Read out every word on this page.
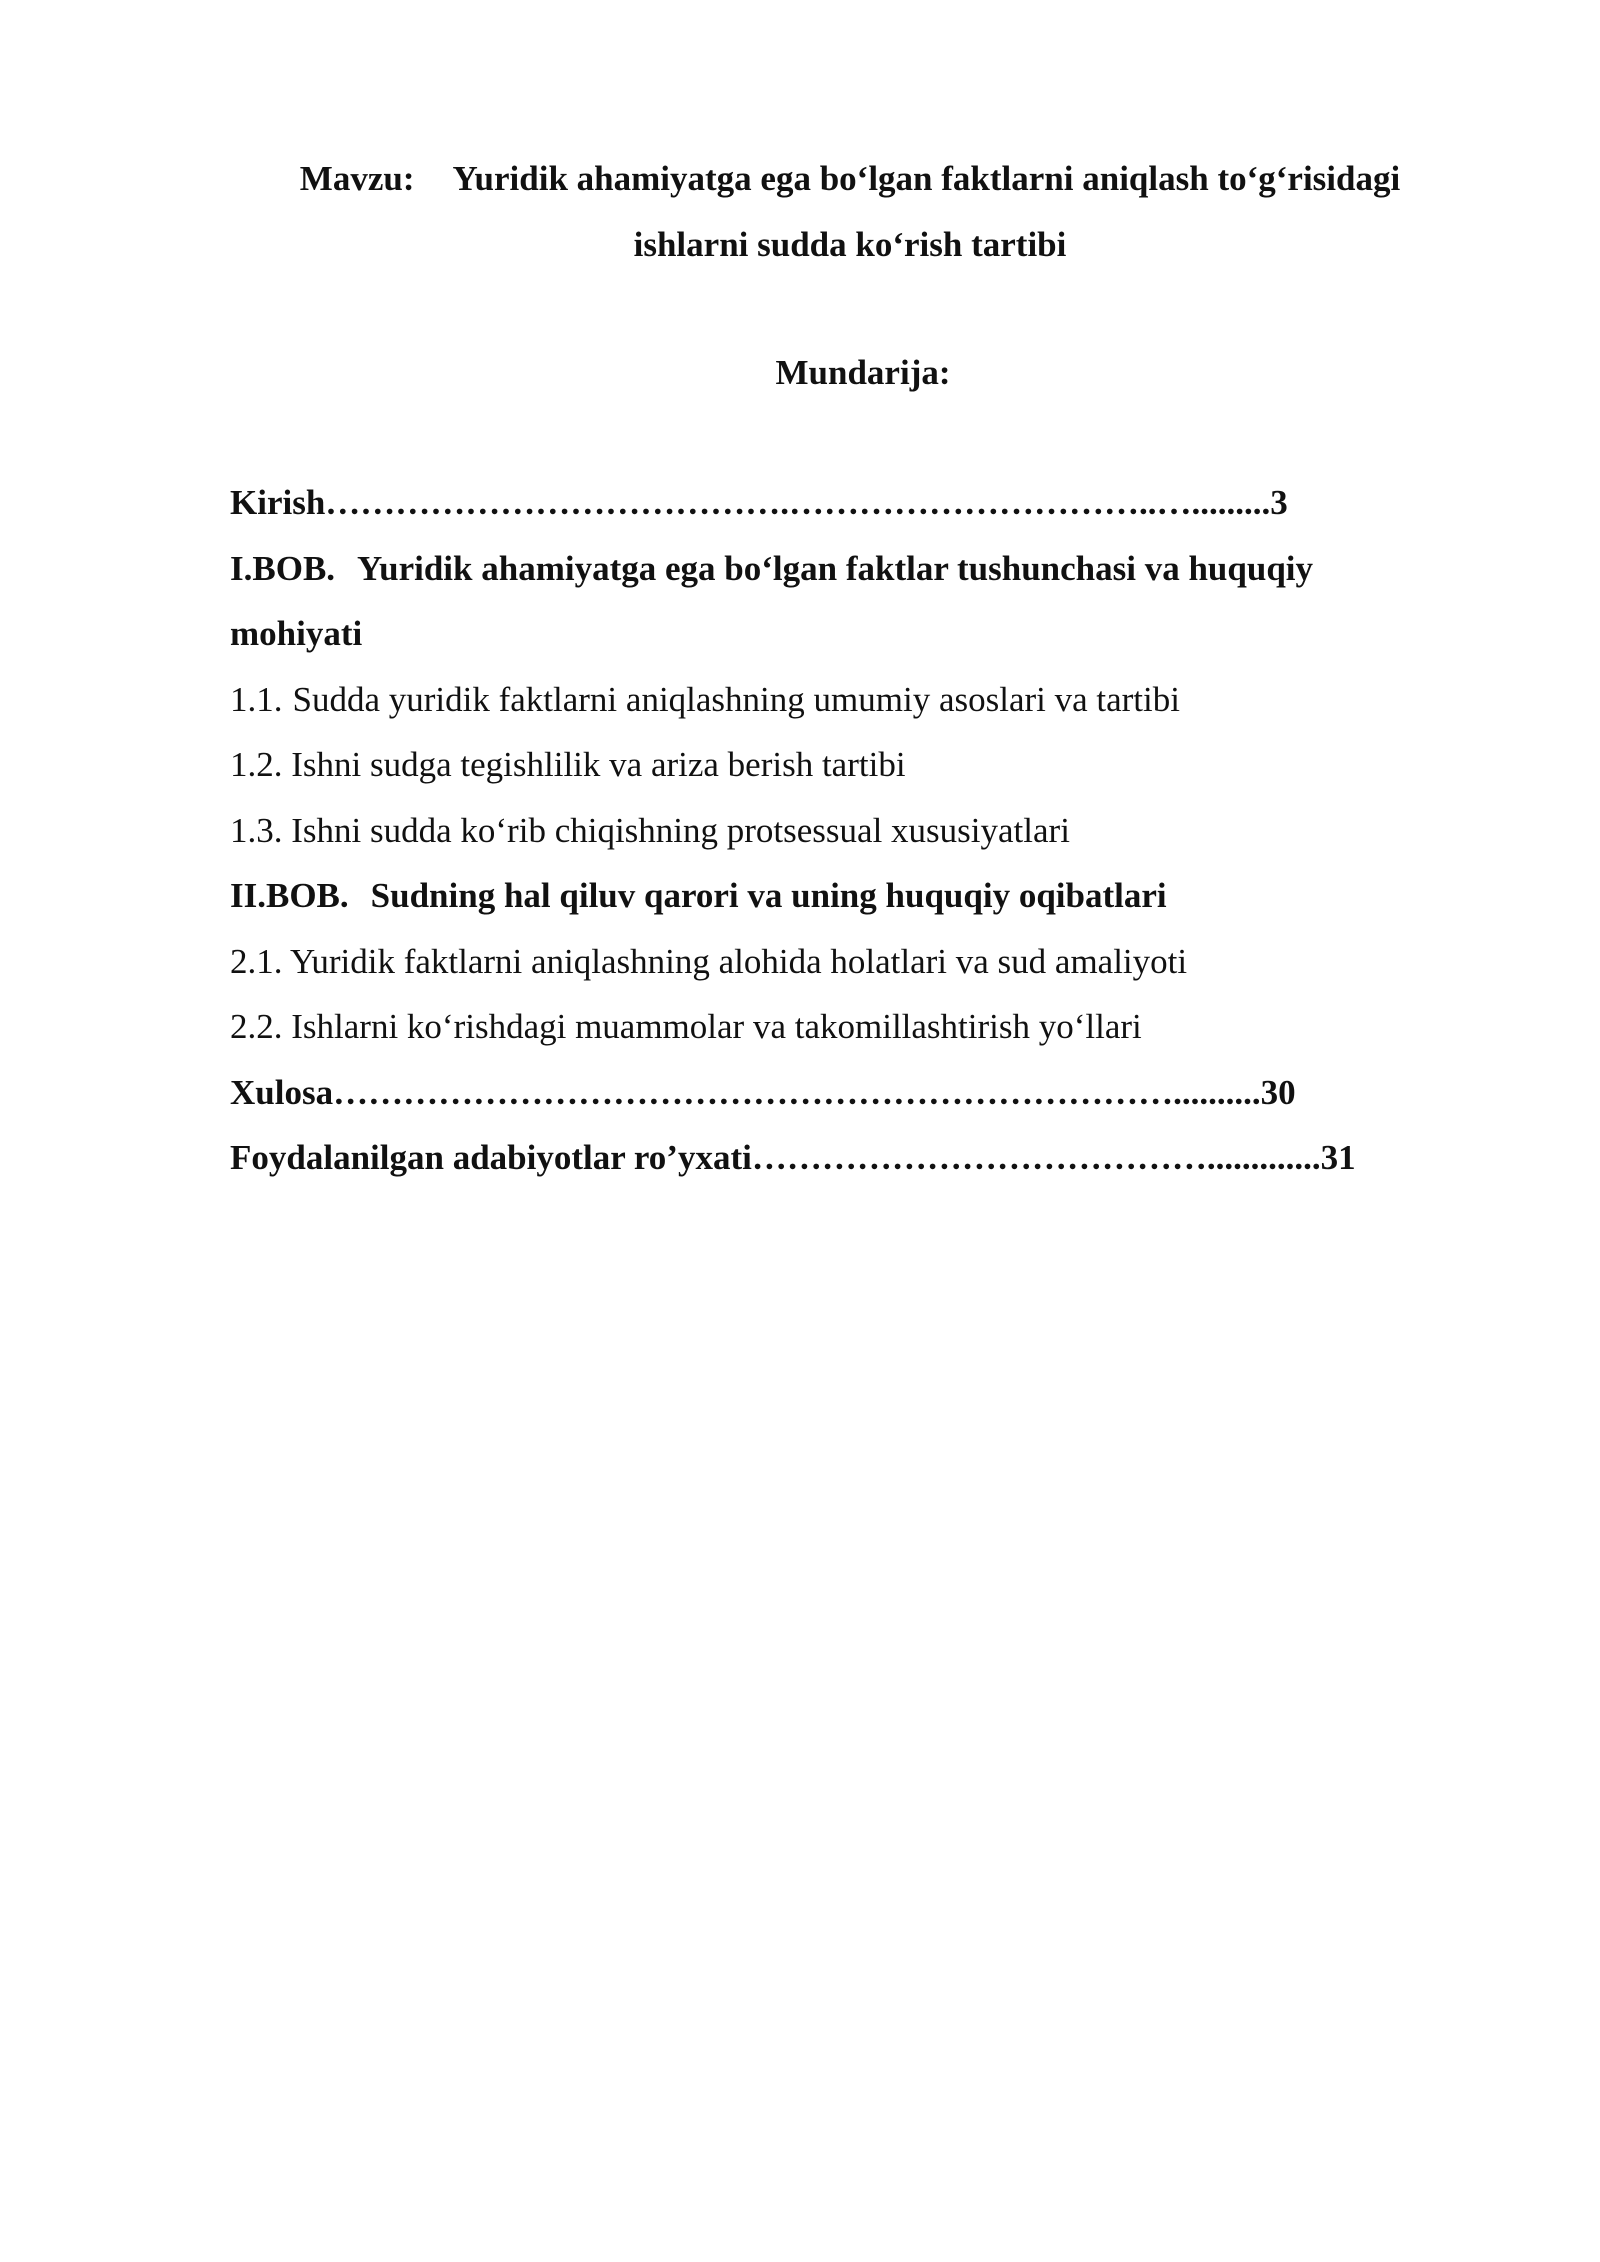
Mavzu: Yuridik ahamiyatga ega bo‘lgan faktlarni aniqlash to‘g‘risidagi
ishlarni sudda ko‘rish tartibi
Mundarija:
Kirish………………………………….…………………………..….........3
I.BOB. Yuridik ahamiyatga ega bo‘lgan faktlar tushunchasi va huquqiy
mohiyati
1.1. Sudda yuridik faktlarni aniqlashning umumiy asoslari va tartibi
1.2. Ishni sudga tegishlilik va ariza berish tartibi
1.3. Ishni sudda ko‘rib chiqishning protsessual xususiyatlari
II.BOB. Sudning hal qiluv qarori va uning huquqiy oqibatlari
2.1. Yuridik faktlarni aniqlashning alohida holatlari va sud amaliyoti
2.2. Ishlarni ko‘rishdagi muammolar va takomillashtirish yo‘llari
Xulosa………………………………………………………………..........30
Foydalanilgan adabiyotlar ro’yxati………………………………….............31
